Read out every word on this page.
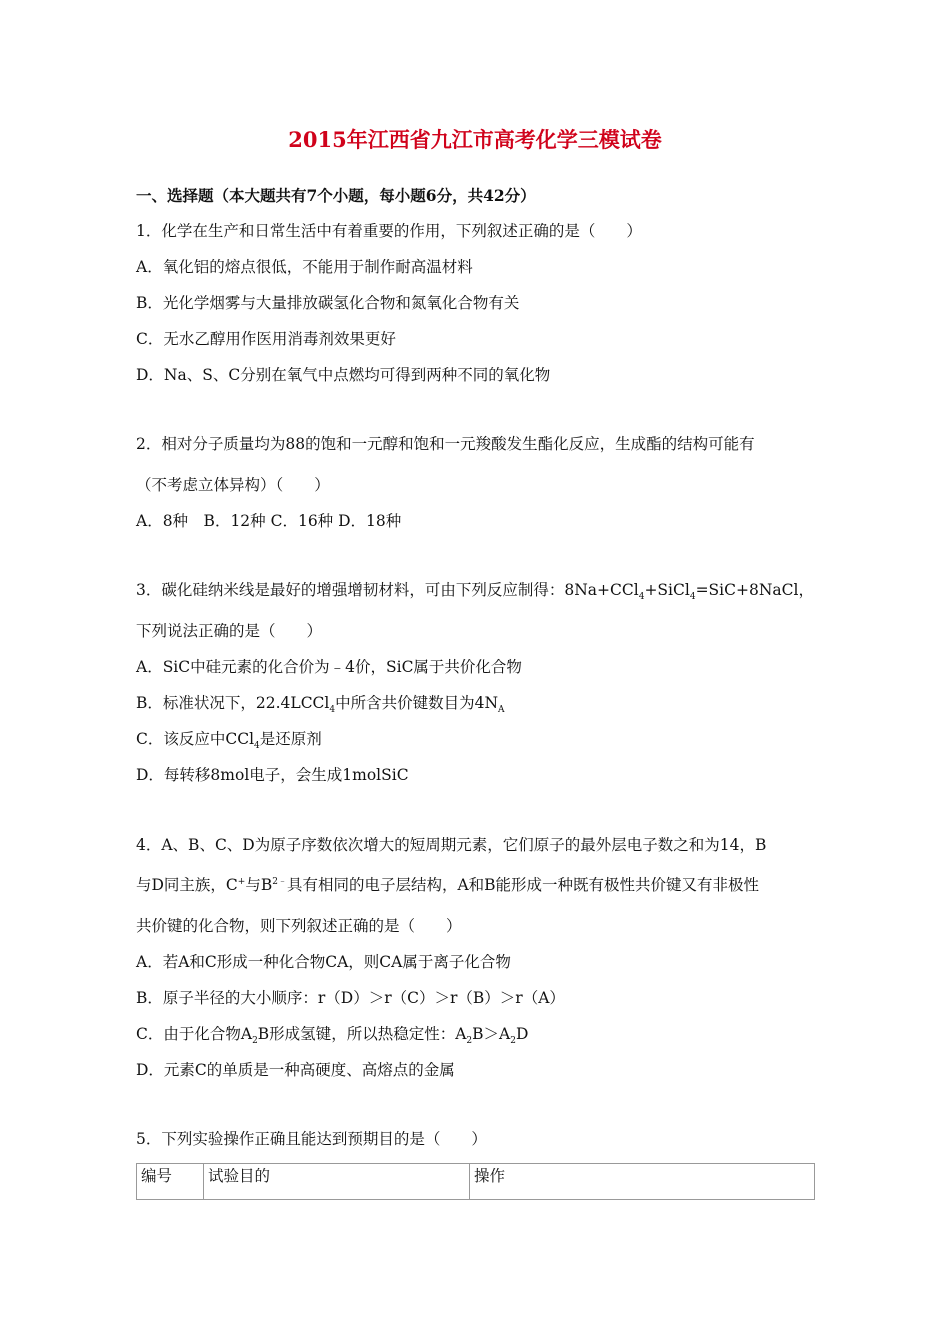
2015年江西省九江市高考化学三模试卷
一、选择题（本大题共有7个小题，每小题6分，共42分）
1．化学在生产和日常生活中有着重要的作用，下列叙述正确的是（　　）
A．氧化铝的熔点很低，不能用于制作耐高温材料
B．光化学烟雾与大量排放碳氢化合物和氮氧化合物有关
C．无水乙醇用作医用消毒剂效果更好
D．Na、S、C分别在氧气中点燃均可得到两种不同的氧化物
2．相对分子质量均为88的饱和一元醇和饱和一元羧酸发生酯化反应，生成酯的结构可能有
（不考虑立体异构）（　　）
A．8种　B．12种 C．16种 D．18种
3．碳化硅纳米线是最好的增强增韧材料，可由下列反应制得：8Na+CCl$_4$+SiCl$_4$=SiC+8NaCl，
下列说法正确的是（　　）
A．SiC中硅元素的化合价为﹣4价，SiC属于共价化合物
B．标准状况下，22.4LCCl$_4$中所含共价键数目为$4N_A$
C．该反应中CCl$_4$是还原剂
D．每转移8mol电子，会生成1molSiC
4．A、B、C、D为原子序数依次增大的短周期元素，它们原子的最外层电子数之和为14，B
与D同主族，C+与$B^{2﹣}$具有相同的电子层结构，A和B能形成一种既有极性共价键又有非极性
共价键的化合物，则下列叙述正确的是（　　）
A．若A和C形成一种化合物CA，则CA属于离子化合物
B．原子半径的大小顺序：r（D）＞r（C）＞r（B）＞r（A）
C．由于化合物$A_2B$形成氢键，所以热稳定性：$A_2B>A_2D$
D．元素C的单质是一种高硬度、高熔点的金属
5．下列实验操作正确且能达到预期目的是（　　）
编号	试验目的	操作
